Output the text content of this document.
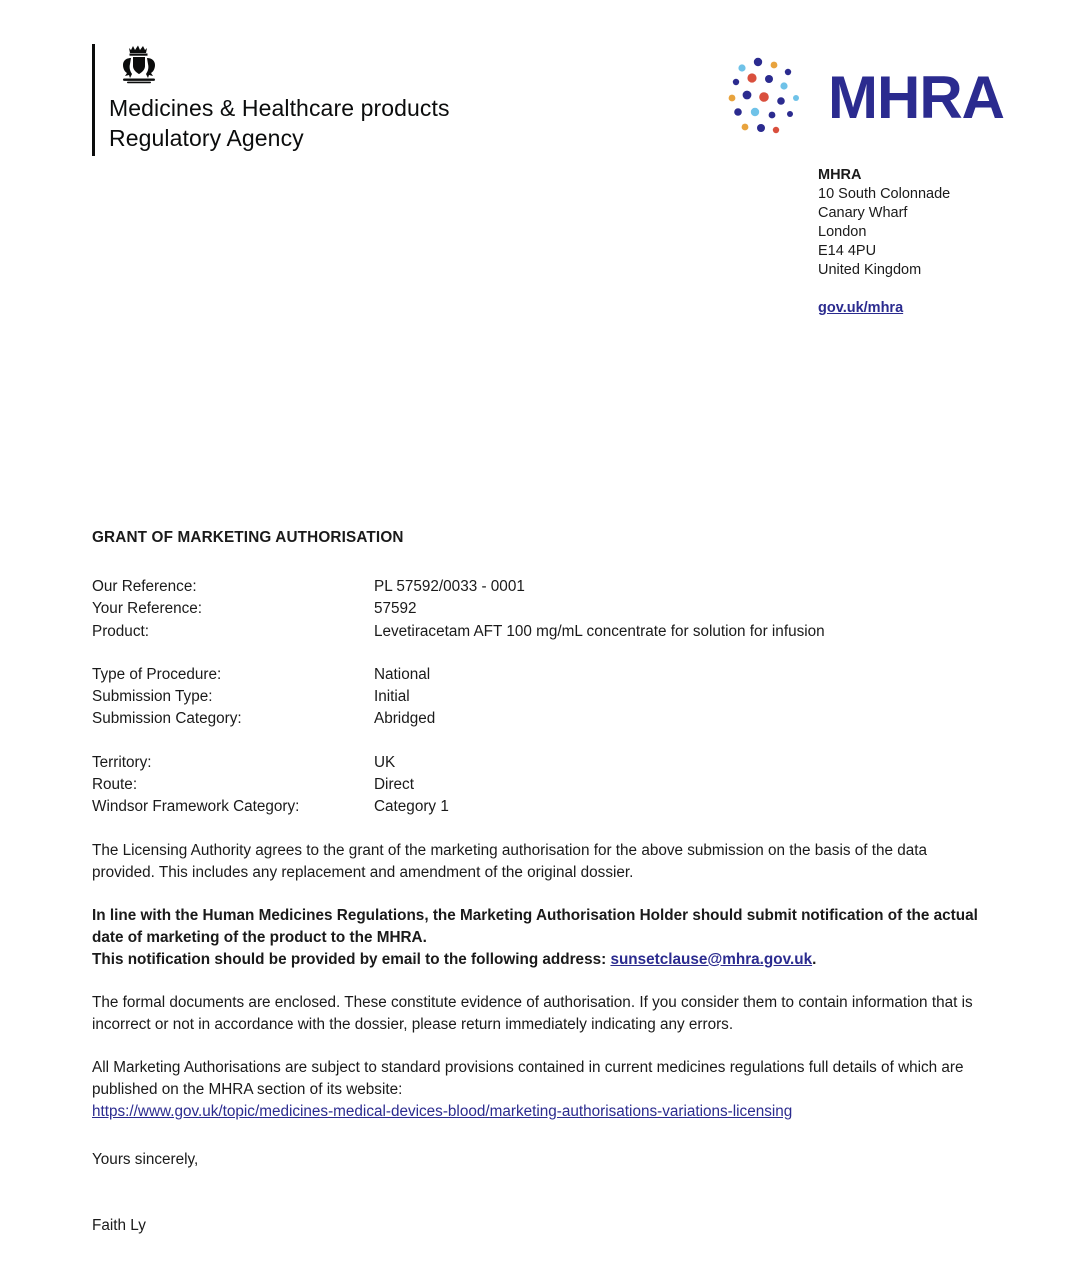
Medicines & Healthcare products
Regulatory Agency
MHRA
MHRA
10 South Colonnade
Canary Wharf
London
E14 4PU
United Kingdom
gov.uk/mhra
GRANT OF MARKETING AUTHORISATION
Our Reference:	PL 57592/0033 - 0001
Your Reference:	57592
Product:	Levetiracetam AFT 100 mg/mL concentrate for solution for infusion
Type of Procedure:	National
Submission Type:	Initial
Submission Category:	Abridged
Territory:	UK
Route:	Direct
Windsor Framework Category:	Category 1
The Licensing Authority agrees to the grant of the marketing authorisation for the above submission on the basis of the data provided. This includes any replacement and amendment of the original dossier.
In line with the Human Medicines Regulations, the Marketing Authorisation Holder should submit notification of the actual date of marketing of the product to the MHRA.
This notification should be provided by email to the following address: sunsetclause@mhra.gov.uk.
The formal documents are enclosed. These constitute evidence of authorisation. If you consider them to contain information that is incorrect or not in accordance with the dossier, please return immediately indicating any errors.
All Marketing Authorisations are subject to standard provisions contained in current medicines regulations full details of which are published on the MHRA section of its website:
https://www.gov.uk/topic/medicines-medical-devices-blood/marketing-authorisations-variations-licensing
Yours sincerely,
Faith Ly
